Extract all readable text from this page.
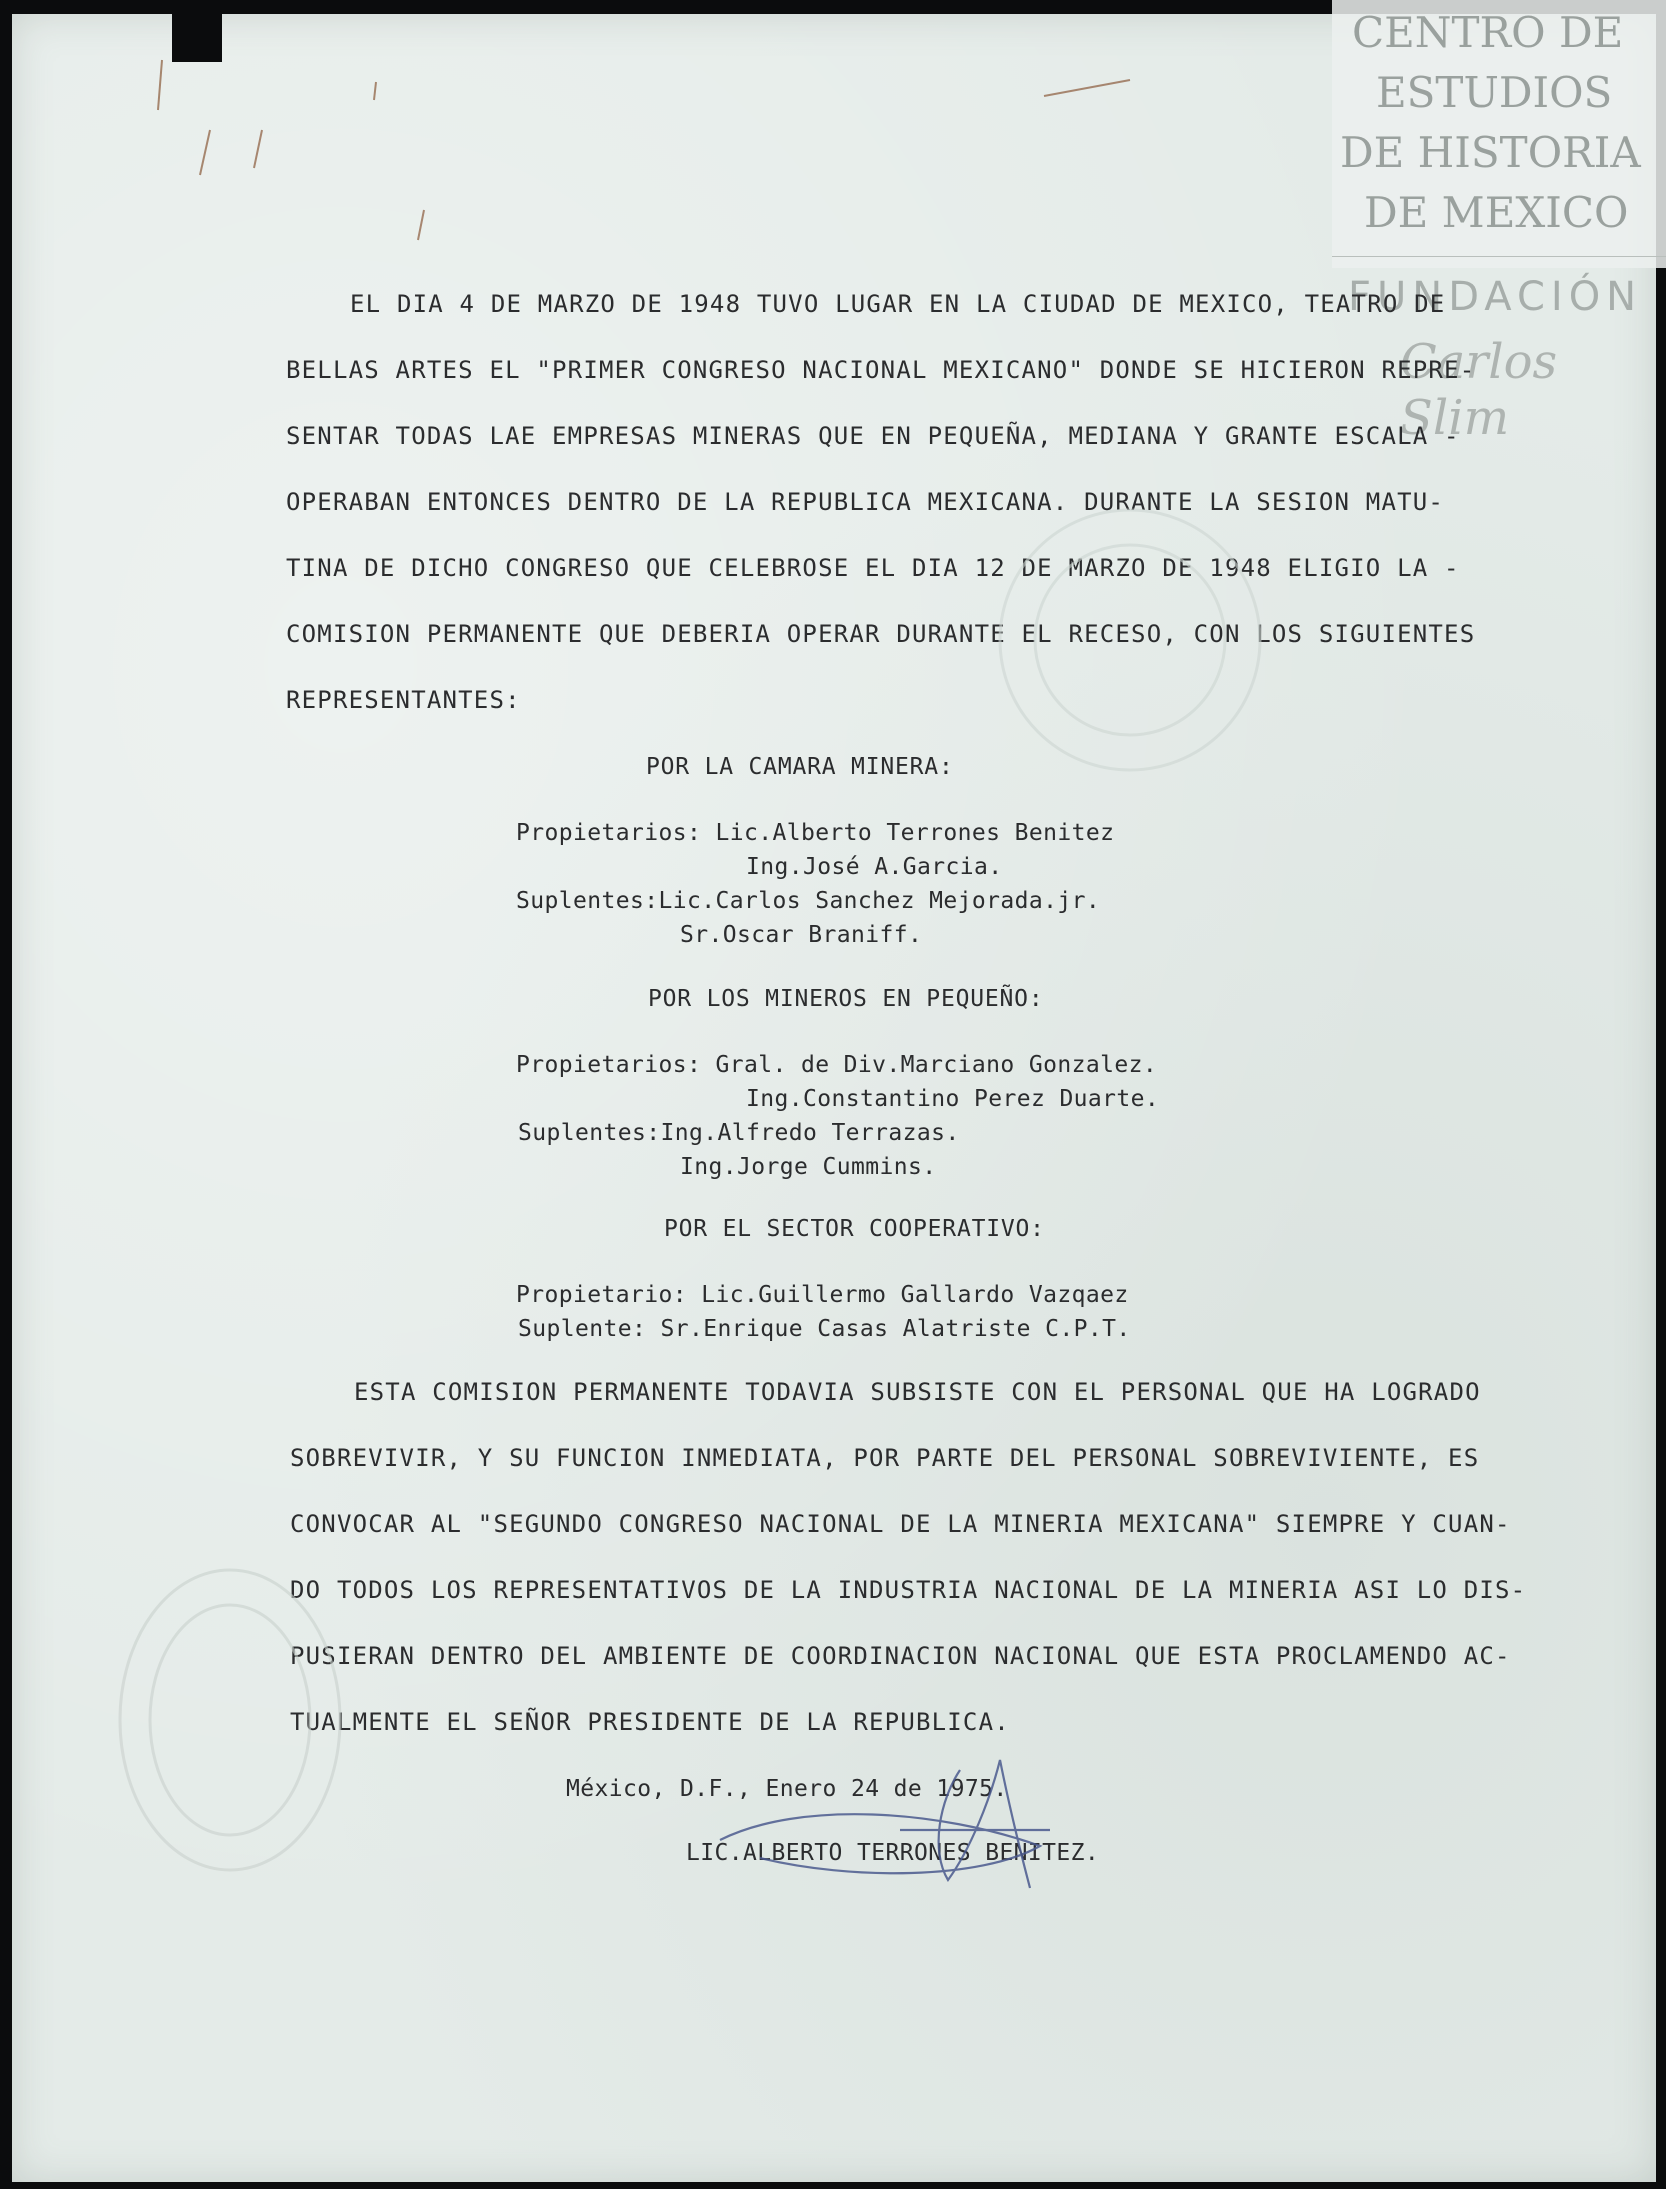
CENTRO DE
ESTUDIOS
DE HISTORIA
DE MEXICO
FUNDACIÓN
Carlos Slim
EL DIA 4 DE MARZO DE 1948 TUVO LUGAR EN LA CIUDAD DE MEXICO, TEATRO DE
BELLAS ARTES EL "PRIMER CONGRESO NACIONAL MEXICANO" DONDE SE HICIERON REPRE-
SENTAR TODAS LAE EMPRESAS MINERAS QUE EN PEQUEÑA, MEDIANA Y GRANTE ESCALA -
OPERABAN ENTONCES DENTRO DE LA REPUBLICA MEXICANA. DURANTE LA SESION MATU-
TINA DE DICHO CONGRESO QUE CELEBROSE EL DIA 12 DE MARZO DE 1948 ELIGIO LA -
COMISION PERMANENTE QUE DEBERIA OPERAR DURANTE EL RECESO, CON LOS SIGUIENTES
REPRESENTANTES:
POR LA CAMARA MINERA:
Propietarios: Lic.Alberto Terrones Benitez
Ing.José A.Garcia.
Suplentes:Lic.Carlos Sanchez Mejorada.jr.
Sr.Oscar Braniff.
POR LOS MINEROS EN PEQUEÑO:
Propietarios: Gral. de Div.Marciano Gonzalez.
Ing.Constantino Perez Duarte.
Suplentes:Ing.Alfredo Terrazas.
Ing.Jorge Cummins.
POR EL SECTOR COOPERATIVO:
Propietario: Lic.Guillermo Gallardo Vazqaez
Suplente: Sr.Enrique Casas Alatriste C.P.T.
ESTA COMISION PERMANENTE TODAVIA SUBSISTE CON EL PERSONAL QUE HA LOGRADO
SOBREVIVIR, Y SU FUNCION INMEDIATA, POR PARTE DEL PERSONAL SOBREVIVIENTE, ES
CONVOCAR AL "SEGUNDO CONGRESO NACIONAL DE LA MINERIA MEXICANA" SIEMPRE Y CUAN-
DO TODOS LOS REPRESENTATIVOS DE LA INDUSTRIA NACIONAL DE LA MINERIA ASI LO DIS-
PUSIERAN DENTRO DEL AMBIENTE DE COORDINACION NACIONAL QUE ESTA PROCLAMENDO AC-
TUALMENTE EL SEÑOR PRESIDENTE DE LA REPUBLICA.
México, D.F., Enero 24 de 1975.
LIC.ALBERTO TERRONES BENITEZ.
